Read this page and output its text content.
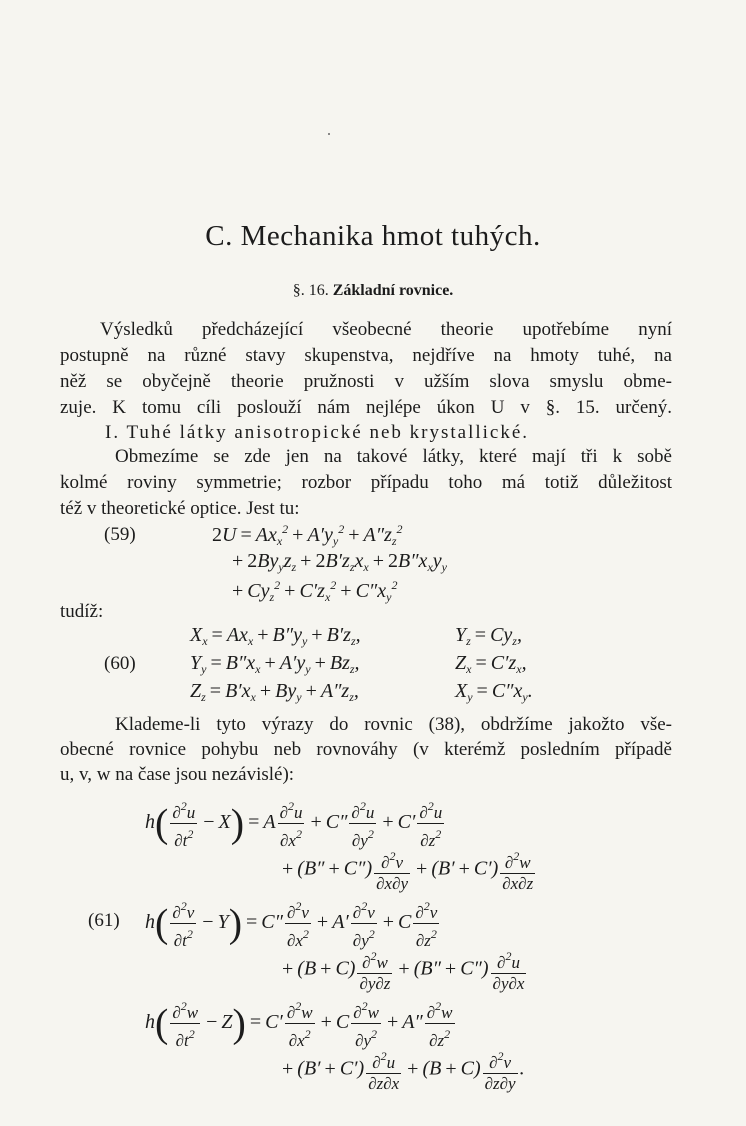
C. Mechanika hmot tuhých.
§. 16. Základní rovnice.
Výsledků předcházející všeobecné theorie upotřebíme nyní
postupně na různé stavy skupenstva, nejdříve na hmoty tuhé, na
něž se obyčejně theorie pružnosti v užším slova smyslu obme-
zuje. K tomu cíli poslouží nám nejlépe úkon U v §. 15. určený.
I. Tuhé látky anisotropické neb krystallické.
Obmezíme se zde jen na takové látky, které mají tři k sobě
kolmé roviny symmetrie; rozbor případu toho má totiž důležitost
též v theoretické optice. Jest tu:
(59)	$2U = Ax_x^2 + A'y_y^2 + A''z_z^2$
+ $2By_yz_z + 2B'z_zx_x + 2B''x_xy_y$
+ $Cy_z^2 + C'z_x^2 + C''x_y^2$
tudíž:
(60)
$X_x = Ax_x + B''y_y + B'z_z$,	$Y_z = Cy_z$,
$Y_y = B''x_x + A'y_y + Bz_z$,	$Z_x = C'z_x$,
$Z_z = B'x_x + By_y + A''z_z$,	$X_y = C''x_y$.
Klademe-li tyto výrazy do rovnic (38), obdržíme jakožto vše-
obecné rovnice pohybu neb rovnováhy (v kterémž posledním případě
u, v, w na čase jsou nezávislé):
(61)
$h( \frac{\partial^2u}{\partial t^2} - X) = A \frac{\partial^2u}{\partial x^2} + C'' \frac{\partial^2u}{\partial y^2} + C' \frac{\partial^2u}{\partial z^2}$
+ $(B'' + C'') \frac{\partial^2v}{\partial x\partial y} + (B' + C') \frac{\partial^2w}{\partial x\partial z}$
$h( \frac{\partial^2v}{\partial t^2} - Y) = C'' \frac{\partial^2v}{\partial x^2} + A' \frac{\partial^2v}{\partial y^2} + C \frac{\partial^2v}{\partial z^2}$
+ $(B + C) \frac{\partial^2w}{\partial y\partial z} + (B'' + C'') \frac{\partial^2u}{\partial y\partial x}$
$h( \frac{\partial^2w}{\partial t^2} - Z) = C' \frac{\partial^2w}{\partial x^2} + C \frac{\partial^2w}{\partial y^2} + A'' \frac{\partial^2w}{\partial z^2}$
+ $(B' + C') \frac{\partial^2u}{\partial z\partial x} + (B + C) \frac{\partial^2v}{\partial z\partial y}$ .
